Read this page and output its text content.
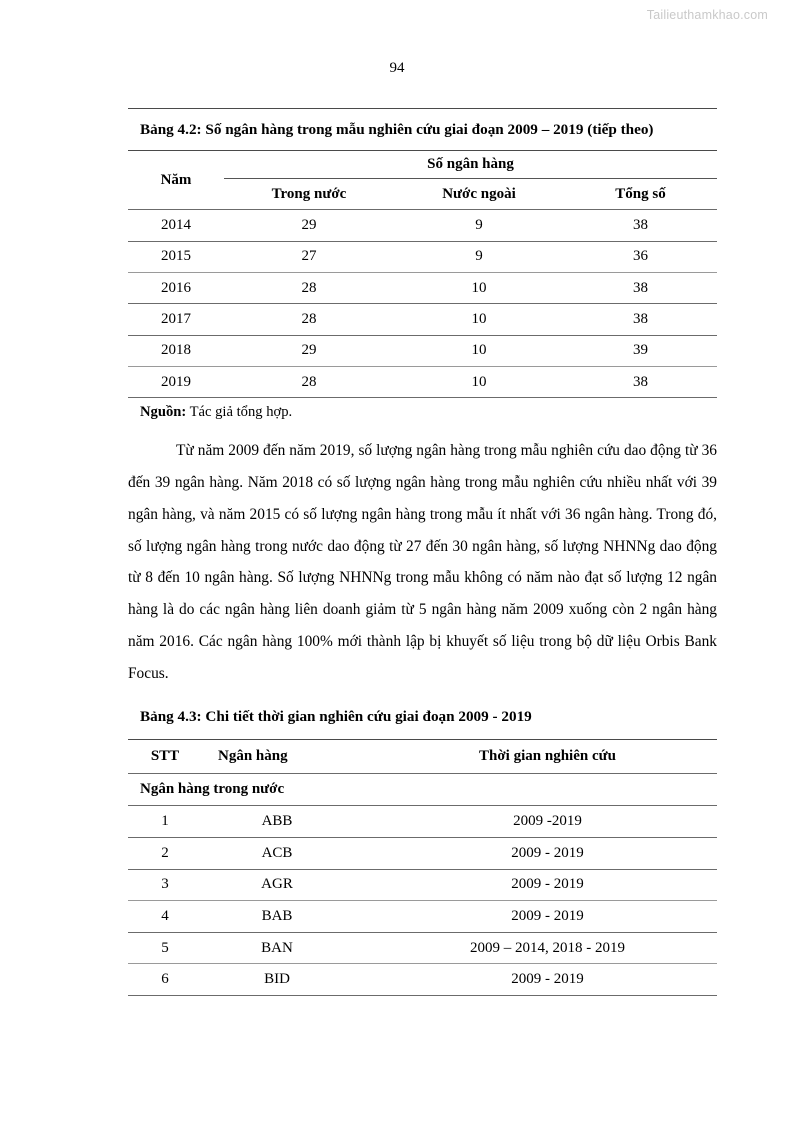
Tailieuthamkhao.com
94
Bảng 4.2: Số ngân hàng trong mẫu nghiên cứu giai đoạn 2009 – 2019 (tiếp theo)
Năm	Số ngân hàng		
	Trong nước	Nước ngoài	Tổng số
2014	29	9	38
2015	27	9	36
2016	28	10	38
2017	28	10	38
2018	29	10	39
2019	28	10	38

Nguồn: Tác giả tổng hợp.

Từ năm 2009 đến năm 2019, số lượng ngân hàng trong mẫu nghiên cứu dao động từ 36 đến 39 ngân hàng. Năm 2018 có số lượng ngân hàng trong mẫu nghiên cứu nhiều nhất với 39 ngân hàng, và năm 2015 có số lượng ngân hàng trong mẫu ít nhất với 36 ngân hàng. Trong đó, số lượng ngân hàng trong nước dao động từ 27 đến 30 ngân hàng, số lượng NHNNg dao động từ 8 đến 10 ngân hàng. Số lượng NHNNg trong mẫu không có năm nào đạt số lượng 12 ngân hàng là do các ngân hàng liên doanh giảm từ 5 ngân hàng năm 2009 xuống còn 2 ngân hàng năm 2016. Các ngân hàng 100% mới thành lập bị khuyết số liệu trong bộ dữ liệu Orbis Bank Focus.

Bảng 4.3: Chi tiết thời gian nghiên cứu giai đoạn 2009 - 2019
STT	Ngân hàng	Thời gian nghiên cứu
Ngân hàng trong nước		
1	ABB	2009 -2019
2	ACB	2009 - 2019
3	AGR	2009 - 2019
4	BAB	2009 - 2019
5	BAN	2009 – 2014, 2018 - 2019
6	BID	2009 - 2019
